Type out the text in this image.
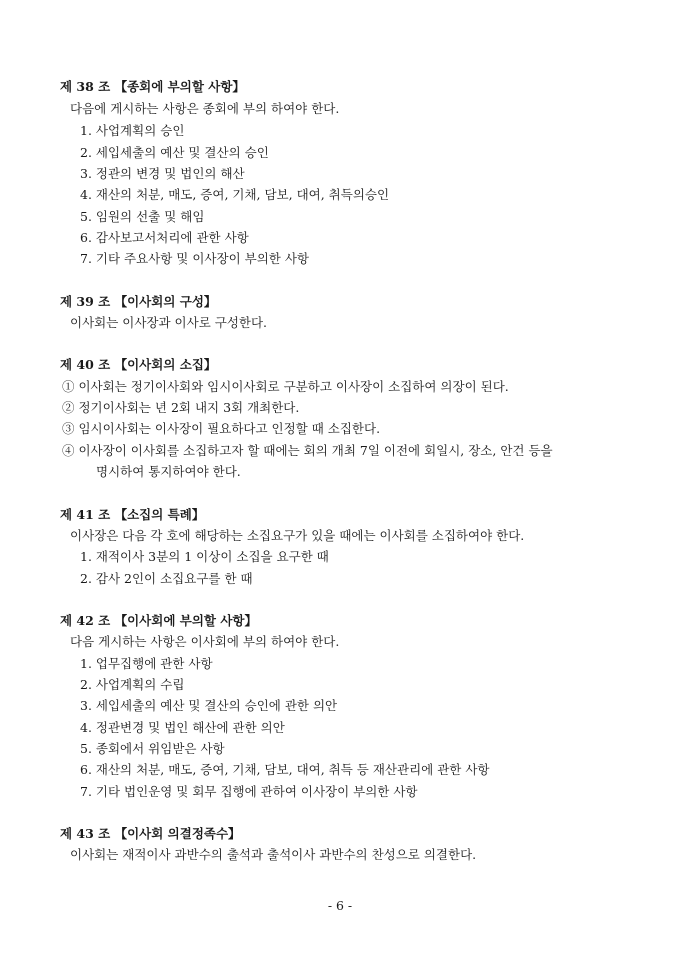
제 38 조 【종회에 부의할 사항】
다음에 게시하는 사항은 종회에 부의 하여야 한다.
1. 사업계획의 승인
2. 세입세출의 예산 및 결산의 승인
3. 정관의 변경 및 법인의 해산
4. 재산의 처분, 매도, 증여, 기채, 담보, 대여, 취득의승인
5. 임원의 선출 및 해임
6. 감사보고서처리에 관한 사항
7. 기타 주요사항 및 이사장이 부의한 사항
제 39 조 【이사회의 구성】
이사회는 이사장과 이사로 구성한다.
제 40 조 【이사회의 소집】
① 이사회는 정기이사회와 임시이사회로 구분하고 이사장이 소집하여 의장이 된다.
② 정기이사회는 년 2회 내지 3회 개최한다.
③ 임시이사회는 이사장이 필요하다고 인정할 때 소집한다.
④ 이사장이 이사회를 소집하고자 할 때에는 회의 개최 7일 이전에 회일시, 장소, 안건 등을
명시하여 통지하여야 한다.
제 41 조 【소집의 특례】
이사장은 다음 각 호에 해당하는 소집요구가 있을 때에는 이사회를 소집하여야 한다.
1. 재적이사 3분의 1 이상이 소집을 요구한 때
2. 감사 2인이 소집요구를 한 때
제 42 조 【이사회에 부의할 사항】
다음 게시하는 사항은 이사회에 부의 하여야 한다.
1. 업무집행에 관한 사항
2. 사업계획의 수립
3. 세입세출의 예산 및 결산의 승인에 관한 의안
4. 정관변경 및 법인 해산에 관한 의안
5. 종회에서 위임받은 사항
6. 재산의 처분, 매도, 증여, 기채, 담보, 대여, 취득 등 재산관리에 관한 사항
7. 기타 법인운영 및 회무 집행에 관하여 이사장이 부의한 사항
제 43 조 【이사회 의결정족수】
이사회는 재적이사 과반수의 출석과 출석이사 과반수의 찬성으로 의결한다.
- 6 -
